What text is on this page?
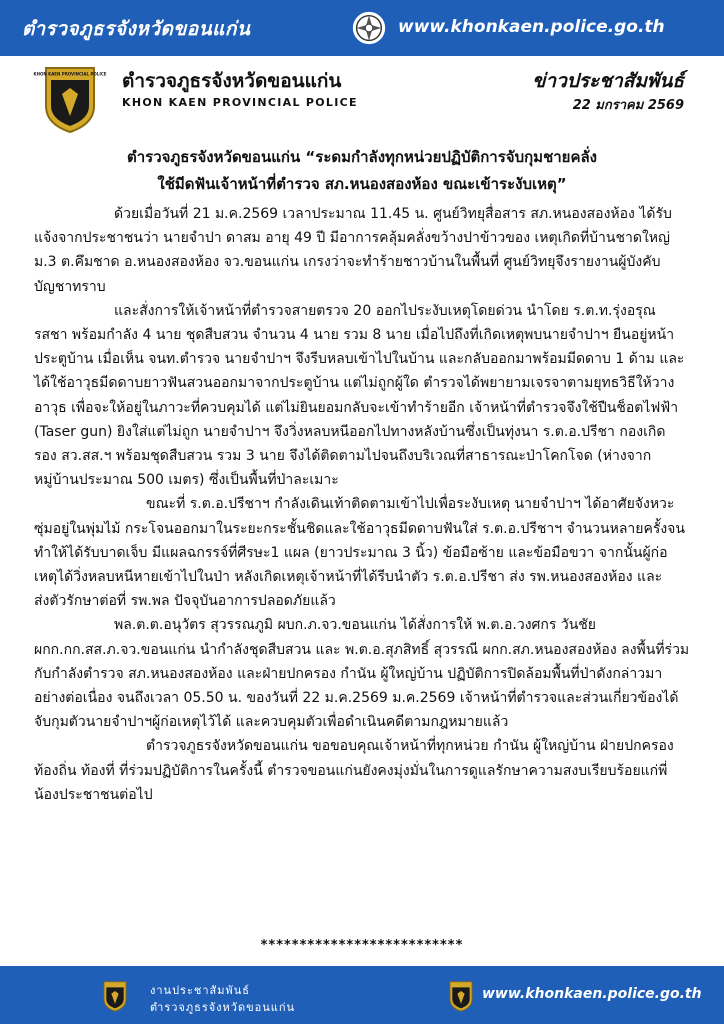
ตำรวจภูธรจังหวัดขอนแก่น	www.khonkaen.police.go.th
KHON KAEN PROVINCIAL POLICE ตำรวจภูธรจังหวัดขอนแก่น
KHON KAEN PROVINCIAL POLICE
ข่าวประชาสัมพันธ์
22 มกราคม 2569
ตำรวจภูธรจังหวัดขอนแก่น “ระดมกำลังทุกหน่วยปฏิบัติการจับกุมชายคลั่ง
ใช้มีดฟันเจ้าหน้าที่ตำรวจ สภ.หนองสองห้อง ขณะเข้าระงับเหตุ”

ด้วยเมื่อวันที่ 21 ม.ค.2569 เวลาประมาณ 11.45 น. ศูนย์วิทยุสื่อสาร สภ.หนองสองห้อง ได้รับแจ้งจากประชาชนว่า นายจำปา ดาสม อายุ 49 ปี มีอาการคลุ้มคลั่งขว้างปาข้าวของ เหตุเกิดที่บ้านชาดใหญ่ ม.3 ต.คึมชาด อ.หนองสองห้อง จว.ขอนแก่น เกรงว่าจะทำร้ายชาวบ้านในพื้นที่ ศูนย์วิทยุจึงรายงานผู้บังคับบัญชาทราบ

และสั่งการให้เจ้าหน้าที่ตำรวจสายตรวจ 20 ออกไประงับเหตุโดยด่วน นำโดย ร.ต.ท.รุ่งอรุณ รสชา พร้อมกำลัง 4 นาย ชุดสืบสวน จำนวน 4 นาย รวม 8 นาย เมื่อไปถึงที่เกิดเหตุพบนายจำปาฯ ยืนอยู่หน้าประตูบ้าน เมื่อเห็น จนท.ตำรวจ นายจำปาฯ จึงรีบหลบเข้าไปในบ้าน และกลับออกมาพร้อมมีดดาบ 1 ด้าม และได้ใช้อาวุธมีดดาบยาวฟันสวนออกมาจากประตูบ้าน แต่ไม่ถูกผู้ใด ตำรวจได้พยายามเจรจาตามยุทธวิธีให้วางอาวุธ เพื่อจะให้อยู่ในภาวะที่ควบคุมได้ แต่ไม่ยินยอมกลับจะเข้าทำร้ายอีก เจ้าหน้าที่ตำรวจจึงใช้ปืนช็อตไฟฟ้า (Taser gun) ยิงใส่แต่ไม่ถูก นายจำปาฯ จึงวิ่งหลบหนีออกไปทางหลังบ้านซึ่งเป็นทุ่งนา ร.ต.อ.ปรีชา กองเกิด รอง สว.สส.ฯ พร้อมชุดสืบสวน รวม 3 นาย จึงได้ติดตามไปจนถึงบริเวณที่สาธารณะป่าโคกโจด (ห่างจากหมู่บ้านประมาณ 500 เมตร) ซึ่งเป็นพื้นที่ป่าละเมาะ

ขณะที่ ร.ต.อ.ปรีชาฯ กำลังเดินเท้าติดตามเข้าไปเพื่อระงับเหตุ นายจำปาฯ ได้อาศัยจังหวะซุ่มอยู่ในพุ่มไม้ กระโจนออกมาในระยะกระชั้นชิดและใช้อาวุธมีดดาบฟันใส่ ร.ต.อ.ปรีชาฯ จำนวนหลายครั้งจนทำให้ได้รับบาดเจ็บ มีแผลฉกรรจ์ที่ศีรษะ1 แผล (ยาวประมาณ 3 นิ้ว) ข้อมือซ้าย และข้อมือขวา จากนั้นผู้ก่อเหตุได้วิ่งหลบหนีหายเข้าไปในป่า หลังเกิดเหตุเจ้าหน้าที่ได้รีบนำตัว ร.ต.อ.ปรีชา ส่ง รพ.หนองสองห้อง และส่งตัวรักษาต่อที่ รพ.พล ปัจจุบันอาการปลอดภัยแล้ว

พล.ต.ต.อนุวัตร สุวรรณภูมิ ผบก.ภ.จว.ขอนแก่น ได้สั่งการให้ พ.ต.อ.วงศกร วันชัย ผกก.กก.สส.ภ.จว.ขอนแก่น นำกำลังชุดสืบสวน และ พ.ต.อ.สุภสิทธิ์ สุวรรณี ผกก.สภ.หนองสองห้อง ลงพื้นที่ร่วมกับกำลังตำรวจ สภ.หนองสองห้อง และฝ่ายปกครอง กำนัน ผู้ใหญ่บ้าน ปฏิบัติการปิดล้อมพื้นที่ป่าดังกล่าวมาอย่างต่อเนื่อง จนถึงเวลา 05.50 น. ของวันที่ 22 ม.ค.2569 ม.ค.2569 เจ้าหน้าที่ตำรวจและส่วนเกี่ยวข้องได้จับกุมตัวนายจำปาฯผู้ก่อเหตุไว้ได้ และควบคุมตัวเพื่อดำเนินคดีตามกฎหมายแล้ว

ตำรวจภูธรจังหวัดขอนแก่น ขอขอบคุณเจ้าหน้าที่ทุกหน่วย กำนัน ผู้ใหญ่บ้าน ฝ่ายปกครอง ท้องถิ่น ท้องที่ ที่ร่วมปฏิบัติการในครั้งนี้ ตำรวจขอนแก่นยังคงมุ่งมั่นในการดูแลรักษาความสงบเรียบร้อยแก่พี่น้องประชาชนต่อไป

**************************
งานประชาสัมพันธ์
ตำรวจภูธรจังหวัดขอนแก่น
www.khonkaen.police.go.th
